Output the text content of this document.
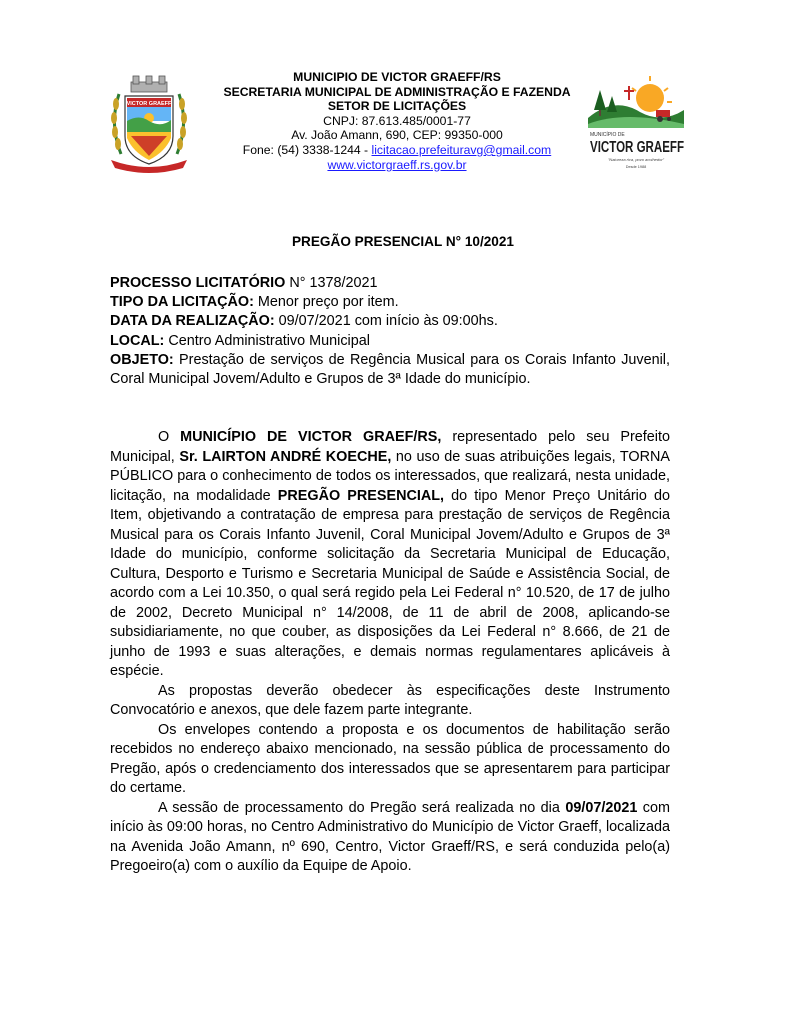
VICTOR GRAEFF
MUNICIPIO DE VICTOR GRAEFF/RS
SECRETARIA MUNICIPAL DE ADMINISTRAÇÃO E FAZENDA
SETOR DE LICITAÇÕES
CNPJ: 87.613.485/0001-77
Av. João Amann, 690, CEP: 99350-000
Fone: (54) 3338-1244 - licitacao.prefeituravg@gmail.com
www.victorgraeff.rs.gov.br
MUNICÍPIO DE
VICTOR GRAEFF
"Natureza rica, povo acolhedor"
Desde 1988
PREGÃO PRESENCIAL N° 10/2021
PROCESSO LICITATÓRIO N° 1378/2021
TIPO DA LICITAÇÃO: Menor preço por item.
DATA DA REALIZAÇÃO: 09/07/2021 com início às 09:00hs.
LOCAL: Centro Administrativo Municipal
OBJETO: Prestação de serviços de Regência Musical para os Corais Infanto Juvenil, Coral Municipal Jovem/Adulto e Grupos de 3ª Idade do município.

O MUNICÍPIO DE VICTOR GRAEF/RS, representado pelo seu Prefeito Municipal, Sr. LAIRTON ANDRÉ KOECHE, no uso de suas atribuições legais, TORNA PÚBLICO para o conhecimento de todos os interessados, que realizará, nesta unidade, licitação, na modalidade PREGÃO PRESENCIAL, do tipo Menor Preço Unitário do Item, objetivando a contratação de empresa para prestação de serviços de Regência Musical para os Corais Infanto Juvenil, Coral Municipal Jovem/Adulto e Grupos de 3ª Idade do município, conforme solicitação da Secretaria Municipal de Educação, Cultura, Desporto e Turismo e Secretaria Municipal de Saúde e Assistência Social, de acordo com a Lei 10.350, o qual será regido pela Lei Federal n° 10.520, de 17 de julho de 2002, Decreto Municipal n° 14/2008, de 11 de abril de 2008, aplicando-se subsidiariamente, no que couber, as disposições da Lei Federal n° 8.666, de 21 de junho de 1993 e suas alterações, e demais normas regulamentares aplicáveis à espécie.

As propostas deverão obedecer às especificações deste Instrumento Convocatório e anexos, que dele fazem parte integrante.

Os envelopes contendo a proposta e os documentos de habilitação serão recebidos no endereço abaixo mencionado, na sessão pública de processamento do Pregão, após o credenciamento dos interessados que se apresentarem para participar do certame.

A sessão de processamento do Pregão será realizada no dia 09/07/2021 com início às 09:00 horas, no Centro Administrativo do Município de Victor Graeff, localizada na Avenida João Amann, nº 690, Centro, Victor Graeff/RS, e será conduzida pelo(a) Pregoeiro(a) com o auxílio da Equipe de Apoio.
